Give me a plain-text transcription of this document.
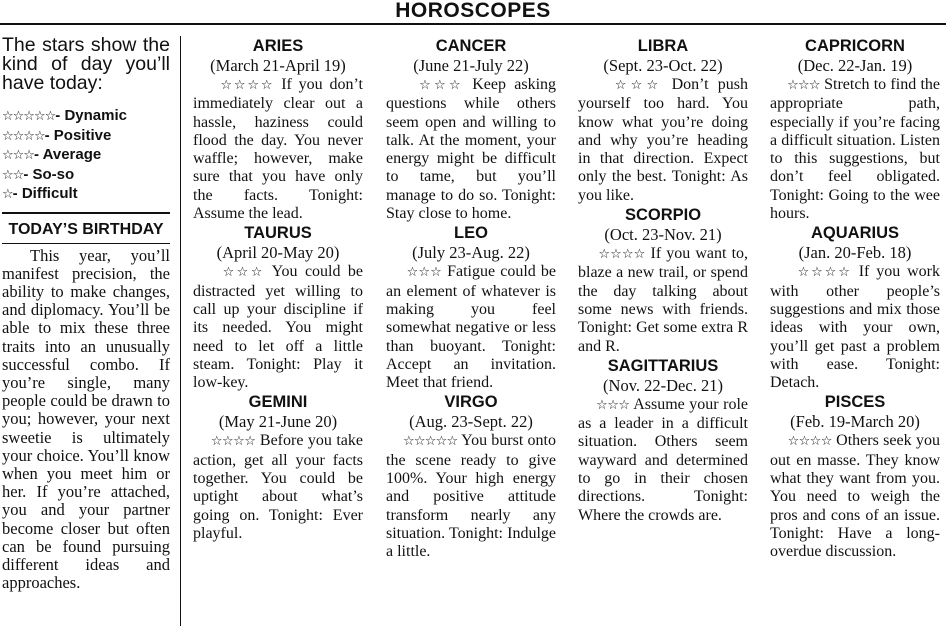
HOROSCOPES

The stars show the kind of day you’ll have today:

☆☆☆☆☆- Dynamic
☆☆☆☆- Positive
☆☆☆- Average
☆☆- So-so
☆- Difficult
TODAY’S BIRTHDAY
This year, you’ll manifest precision, the ability to make changes, and diplomacy. You’ll be able to mix these three traits into an unusually successful combo. If you’re single, many people could be drawn to you; however, your next sweetie is ultimately your choice. You’ll know when you meet him or her. If you’re attached, you and your partner become closer but often can be found pursuing different ideas and approaches.
ARIES
(March 21-April 19)
☆☆☆☆ If you don’t immediately clear out a hassle, haziness could flood the day. You never waffle; however, make sure that you have only the facts. Tonight: Assume the lead.
TAURUS
(April 20-May 20)
☆☆☆ You could be distracted yet willing to call up your discipline if its needed. You might need to let off a little steam. Tonight: Play it low-key.
GEMINI
(May 21-June 20)
☆☆☆☆ Before you take action, get all your facts together. You could be uptight about what’s going on. Tonight: Ever playful.
CANCER
(June 21-July 22)
☆☆☆ Keep asking questions while others seem open and willing to talk. At the moment, your energy might be difficult to tame, but you’ll manage to do so. Tonight: Stay close to home.
LEO
(July 23-Aug. 22)
☆☆☆ Fatigue could be an element of whatever is making you feel somewhat negative or less than buoyant. Tonight: Accept an invitation. Meet that friend.
VIRGO
(Aug. 23-Sept. 22)
☆☆☆☆☆ You burst onto the scene ready to give 100%. Your high energy and positive attitude transform nearly any situation. Tonight: Indulge a little.
LIBRA
(Sept. 23-Oct. 22)
☆☆☆ Don’t push yourself too hard. You know what you’re doing and why you’re heading in that direction. Expect only the best. Tonight: As you like.
SCORPIO
(Oct. 23-Nov. 21)
☆☆☆☆ If you want to, blaze a new trail, or spend the day talking about some news with friends. Tonight: Get some extra R and R.
SAGITTARIUS
(Nov. 22-Dec. 21)
☆☆☆ Assume your role as a leader in a difficult situation. Others seem wayward and determined to go in their chosen directions. Tonight: Where the crowds are.
CAPRICORN
(Dec. 22-Jan. 19)
☆☆☆ Stretch to find the appropriate path, especially if you’re facing a difficult situation. Listen to this suggestions, but don’t feel obligated. Tonight: Going to the wee hours.
AQUARIUS
(Jan. 20-Feb. 18)
☆☆☆☆ If you work with other people’s suggestions and mix those ideas with your own, you’ll get past a problem with ease. Tonight: Detach.
PISCES
(Feb. 19-March 20)
☆☆☆☆ Others seek you out en masse. They know what they want from you. You need to weigh the pros and cons of an issue. Tonight: Have a long-overdue discussion.
